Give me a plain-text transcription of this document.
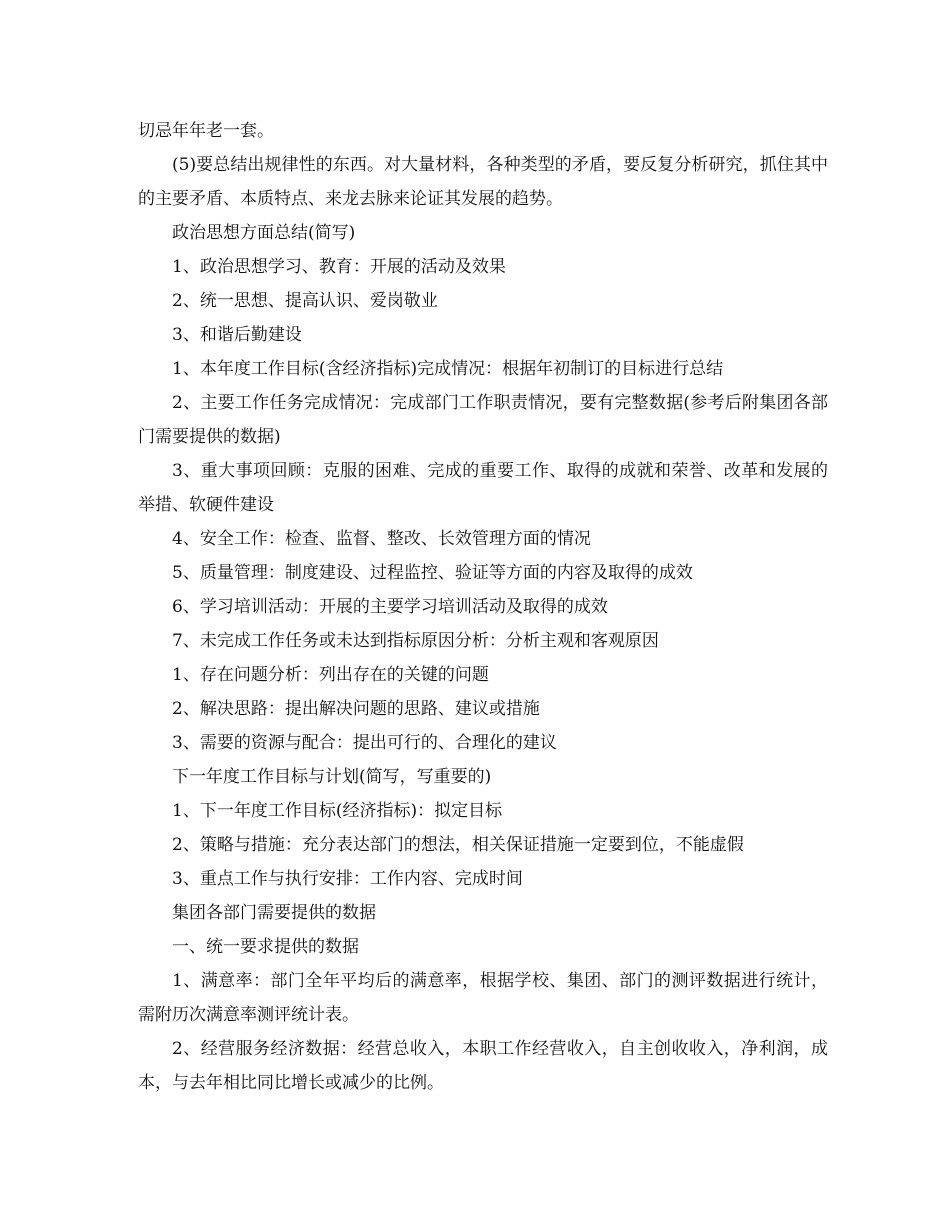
切忌年年老一套。

(5)要总结出规律性的东西。对大量材料，各种类型的矛盾，要反复分析研究，抓住其中的主要矛盾、本质特点、来龙去脉来论证其发展的趋势。

政治思想方面总结(简写)

1、政治思想学习、教育：开展的活动及效果

2、统一思想、提高认识、爱岗敬业

3、和谐后勤建设

1、本年度工作目标(含经济指标)完成情况：根据年初制订的目标进行总结

2、主要工作任务完成情况：完成部门工作职责情况，要有完整数据(参考后附集团各部门需要提供的数据)

3、重大事项回顾：克服的困难、完成的重要工作、取得的成就和荣誉、改革和发展的举措、软硬件建设

4、安全工作：检查、监督、整改、长效管理方面的情况

5、质量管理：制度建设、过程监控、验证等方面的内容及取得的成效

6、学习培训活动：开展的主要学习培训活动及取得的成效

7、未完成工作任务或未达到指标原因分析：分析主观和客观原因

1、存在问题分析：列出存在的关键的问题

2、解决思路：提出解决问题的思路、建议或措施

3、需要的资源与配合：提出可行的、合理化的建议

下一年度工作目标与计划(简写，写重要的)

1、下一年度工作目标(经济指标)：拟定目标

2、策略与措施：充分表达部门的想法，相关保证措施一定要到位，不能虚假

3、重点工作与执行安排：工作内容、完成时间

集团各部门需要提供的数据

一、统一要求提供的数据

1、满意率：部门全年平均后的满意率，根据学校、集团、部门的测评数据进行统计，需附历次满意率测评统计表。

2、经营服务经济数据：经营总收入，本职工作经营收入，自主创收收入，净利润，成本，与去年相比同比增长或减少的比例。
